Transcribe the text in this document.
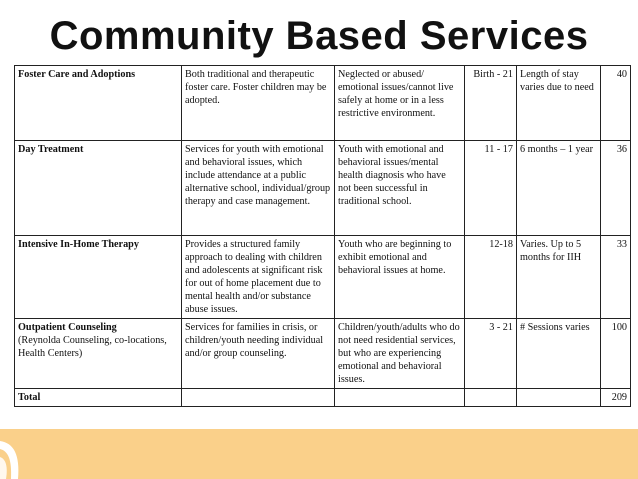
Community Based Services
Foster Care and Adoptions	Both traditional and therapeutic foster care. Foster children may be adopted.	Neglected or abused/ emotional issues/cannot live safely at home or in a less restrictive environment.	Birth - 21	Length of stay varies due to need	40
Day Treatment	Services for youth with emotional and behavioral issues, which include attendance at a public alternative school, individual/group therapy and case management.	Youth with emotional and behavioral issues/mental health diagnosis who have not been successful in traditional school.	11 - 17	6 months – 1 year	36
Intensive In-Home Therapy	Provides a structured family approach to dealing with children and adolescents at significant risk for out of home placement due to mental health and/or substance abuse issues.	Youth who are beginning to exhibit emotional and behavioral issues at home.	12-18	Varies. Up to 5 months for IIH	33
Outpatient Counseling
(Reynolda Counseling, co-locations, Health Centers)	Services for families in crisis, or children/youth needing individual and/or group counseling.	Children/youth/adults who do not need residential services, but who are experiencing emotional and behavioral issues.	3 - 21	# Sessions varies	100
Total					209
